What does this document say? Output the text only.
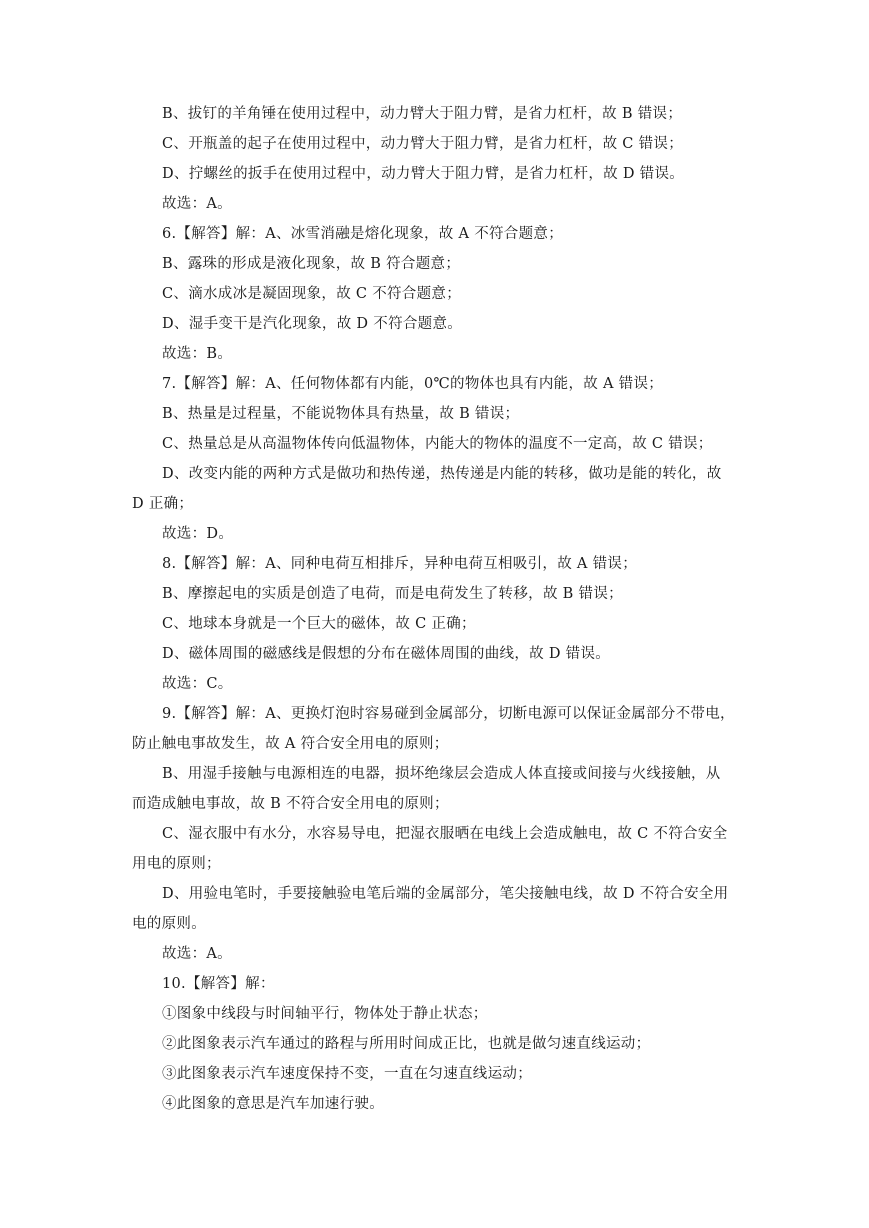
B、拔钉的羊角锤在使用过程中，动力臂大于阻力臂，是省力杠杆，故 B 错误；
C、开瓶盖的起子在使用过程中，动力臂大于阻力臂，是省力杠杆，故 C 错误；
D、拧螺丝的扳手在使用过程中，动力臂大于阻力臂，是省力杠杆，故 D 错误。
故选：A。
6.【解答】解：A、冰雪消融是熔化现象，故 A 不符合题意；
B、露珠的形成是液化现象，故 B 符合题意；
C、滴水成冰是凝固现象，故 C 不符合题意；
D、湿手变干是汽化现象，故 D 不符合题意。
故选：B。
7.【解答】解：A、任何物体都有内能，0℃的物体也具有内能，故 A 错误；
B、热量是过程量，不能说物体具有热量，故 B 错误；
C、热量总是从高温物体传向低温物体，内能大的物体的温度不一定高，故 C 错误；
D、改变内能的两种方式是做功和热传递，热传递是内能的转移，做功是能的转化，故
D 正确；
故选：D。
8.【解答】解：A、同种电荷互相排斥，异种电荷互相吸引，故 A 错误；
B、摩擦起电的实质是创造了电荷，而是电荷发生了转移，故 B 错误；
C、地球本身就是一个巨大的磁体，故 C 正确；
D、磁体周围的磁感线是假想的分布在磁体周围的曲线，故 D 错误。
故选：C。
9.【解答】解：A、更换灯泡时容易碰到金属部分，切断电源可以保证金属部分不带电，
防止触电事故发生，故 A 符合安全用电的原则；
B、用湿手接触与电源相连的电器，损坏绝缘层会造成人体直接或间接与火线接触，从
而造成触电事故，故 B 不符合安全用电的原则；
C、湿衣服中有水分，水容易导电，把湿衣服晒在电线上会造成触电，故 C 不符合安全
用电的原则；
D、用验电笔时，手要接触验电笔后端的金属部分，笔尖接触电线，故 D 不符合安全用
电的原则。
故选：A。
10.【解答】解：
①图象中线段与时间轴平行，物体处于静止状态；
②此图象表示汽车通过的路程与所用时间成正比，也就是做匀速直线运动；
③此图象表示汽车速度保持不变，一直在匀速直线运动；
④此图象的意思是汽车加速行驶。
